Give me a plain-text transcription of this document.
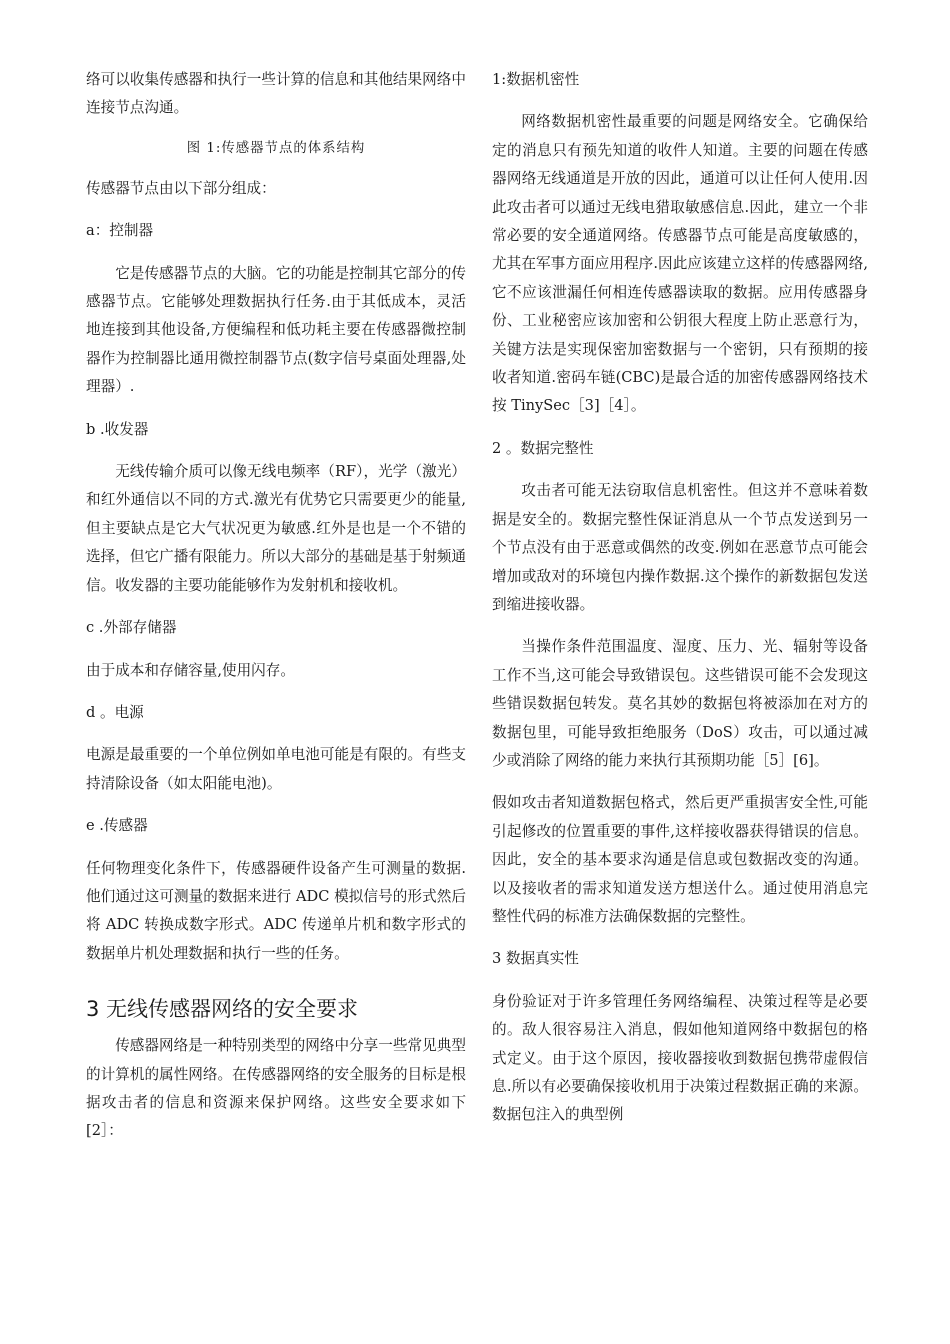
络可以收集传感器和执行一些计算的信息和其他结果网络中连接节点沟通。

图 1:传感器节点的体系结构

传感器节点由以下部分组成：

a：控制器

它是传感器节点的大脑。它的功能是控制其它部分的传感器节点。它能够处理数据执行任务.由于其低成本，灵活地连接到其他设备,方便编程和低功耗主要在传感器微控制器作为控制器比通用微控制器节点(数字信号桌面处理器,处理器）.

b .收发器

无线传输介质可以像无线电频率（RF），光学（激光）和红外通信以不同的方式.激光有优势它只需要更少的能量,但主要缺点是它大气状况更为敏感.红外是也是一个不错的选择，但它广播有限能力。所以大部分的基础是基于射频通信。收发器的主要功能能够作为发射机和接收机。

c .外部存储器

由于成本和存储容量,使用闪存。

d 。电源

电源是最重要的一个单位例如单电池可能是有限的。有些支持清除设备（如太阳能电池)。

e .传感器

任何物理变化条件下，传感器硬件设备产生可测量的数据.他们通过这可测量的数据来进行 ADC 模拟信号的形式然后将 ADC 转换成数字形式。ADC 传递单片机和数字形式的数据单片机处理数据和执行一些的任务。

3 无线传感器网络的安全要求

传感器网络是一种特别类型的网络中分享一些常见典型的计算机的属性网络。在传感器网络的安全服务的目标是根据攻击者的信息和资源来保护网络。这些安全要求如下[2］：

1:数据机密性

网络数据机密性最重要的问题是网络安全。它确保给定的消息只有预先知道的收件人知道。主要的问题在传感器网络无线通道是开放的因此，通道可以让任何人使用.因此攻击者可以通过无线电猎取敏感信息.因此，建立一个非常必要的安全通道网络。传感器节点可能是高度敏感的，尤其在军事方面应用程序.因此应该建立这样的传感器网络,它不应该泄漏任何相连传感器读取的数据。应用传感器身份、工业秘密应该加密和公钥很大程度上防止恶意行为，关键方法是实现保密加密数据与一个密钥，只有预期的接收者知道.密码车链(CBC)是最合适的加密传感器网络技术按 TinySec［3]［4］。

2 。数据完整性

攻击者可能无法窃取信息机密性。但这并不意味着数据是安全的。数据完整性保证消息从一个节点发送到另一个节点没有由于恶意或偶然的改变.例如在恶意节点可能会增加或敌对的环境包内操作数据.这个操作的新数据包发送到缩进接收器。

当操作条件范围温度、湿度、压力、光、辐射等设备工作不当,这可能会导致错误包。这些错误可能不会发现这些错误数据包转发。莫名其妙的数据包将被添加在对方的数据包里，可能导致拒绝服务（DoS）攻击，可以通过减少或消除了网络的能力来执行其预期功能［5］[6]。

假如攻击者知道数据包格式，然后更严重损害安全性,可能引起修改的位置重要的事件,这样接收器获得错误的信息。因此，安全的基本要求沟通是信息或包数据改变的沟通。以及接收者的需求知道发送方想送什么。通过使用消息完整性代码的标准方法确保数据的完整性。

3 数据真实性

身份验证对于许多管理任务网络编程、决策过程等是必要的。敌人很容易注入消息，假如他知道网络中数据包的格式定义。由于这个原因，接收器接收到数据包携带虚假信息.所以有必要确保接收机用于决策过程数据正确的来源。数据包注入的典型例
